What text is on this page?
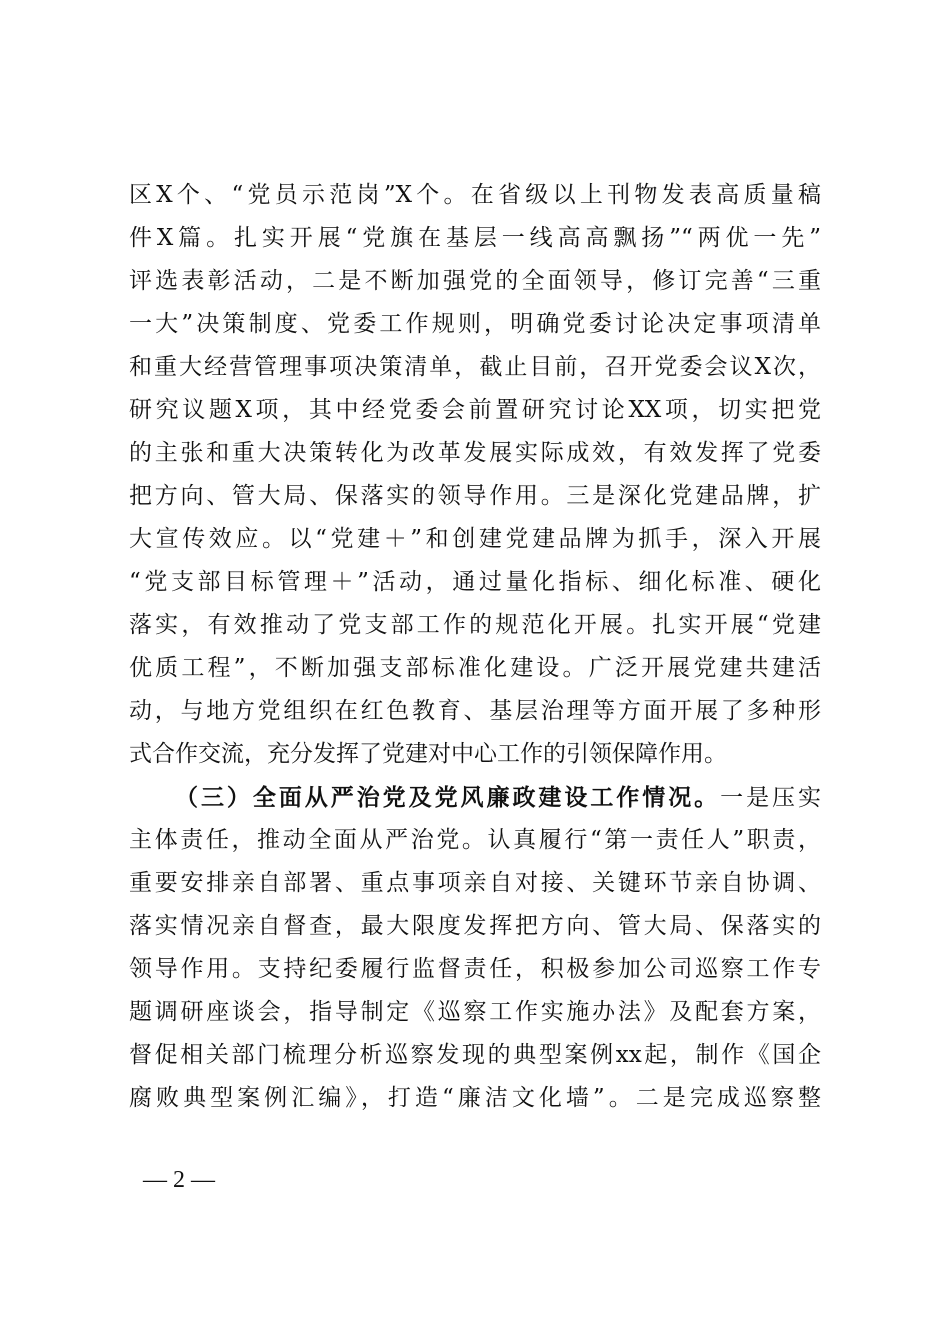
区X个、“党员示范岗”X个。在省级以上刊物发表高质量稿
件X篇。扎实开展“党旗在基层一线高高飘扬”“两优一先”
评选表彰活动，二是不断加强党的全面领导，修订完善“三重
一大”决策制度、党委工作规则，明确党委讨论决定事项清单
和重大经营管理事项决策清单，截止目前，召开党委会议X次，
研究议题X项，其中经党委会前置研究讨论XX项，切实把党
的主张和重大决策转化为改革发展实际成效，有效发挥了党委
把方向、管大局、保落实的领导作用。三是深化党建品牌，扩
大宣传效应。以“党建＋”和创建党建品牌为抓手，深入开展
“党支部目标管理＋”活动，通过量化指标、细化标准、硬化
落实，有效推动了党支部工作的规范化开展。扎实开展“党建
优质工程”，不断加强支部标准化建设。广泛开展党建共建活
动，与地方党组织在红色教育、基层治理等方面开展了多种形
式合作交流，充分发挥了党建对中心工作的引领保障作用。
（三）全面从严治党及党风廉政建设工作情况。一是压实
主体责任，推动全面从严治党。认真履行“第一责任人”职责，
重要安排亲自部署、重点事项亲自对接、关键环节亲自协调、
落实情况亲自督查，最大限度发挥把方向、管大局、保落实的
领导作用。支持纪委履行监督责任，积极参加公司巡察工作专
题调研座谈会，指导制定《巡察工作实施办法》及配套方案，
督促相关部门梳理分析巡察发现的典型案例xx起，制作《国企
腐败典型案例汇编》，打造“廉洁文化墙”。二是完成巡察整
— 2 —
